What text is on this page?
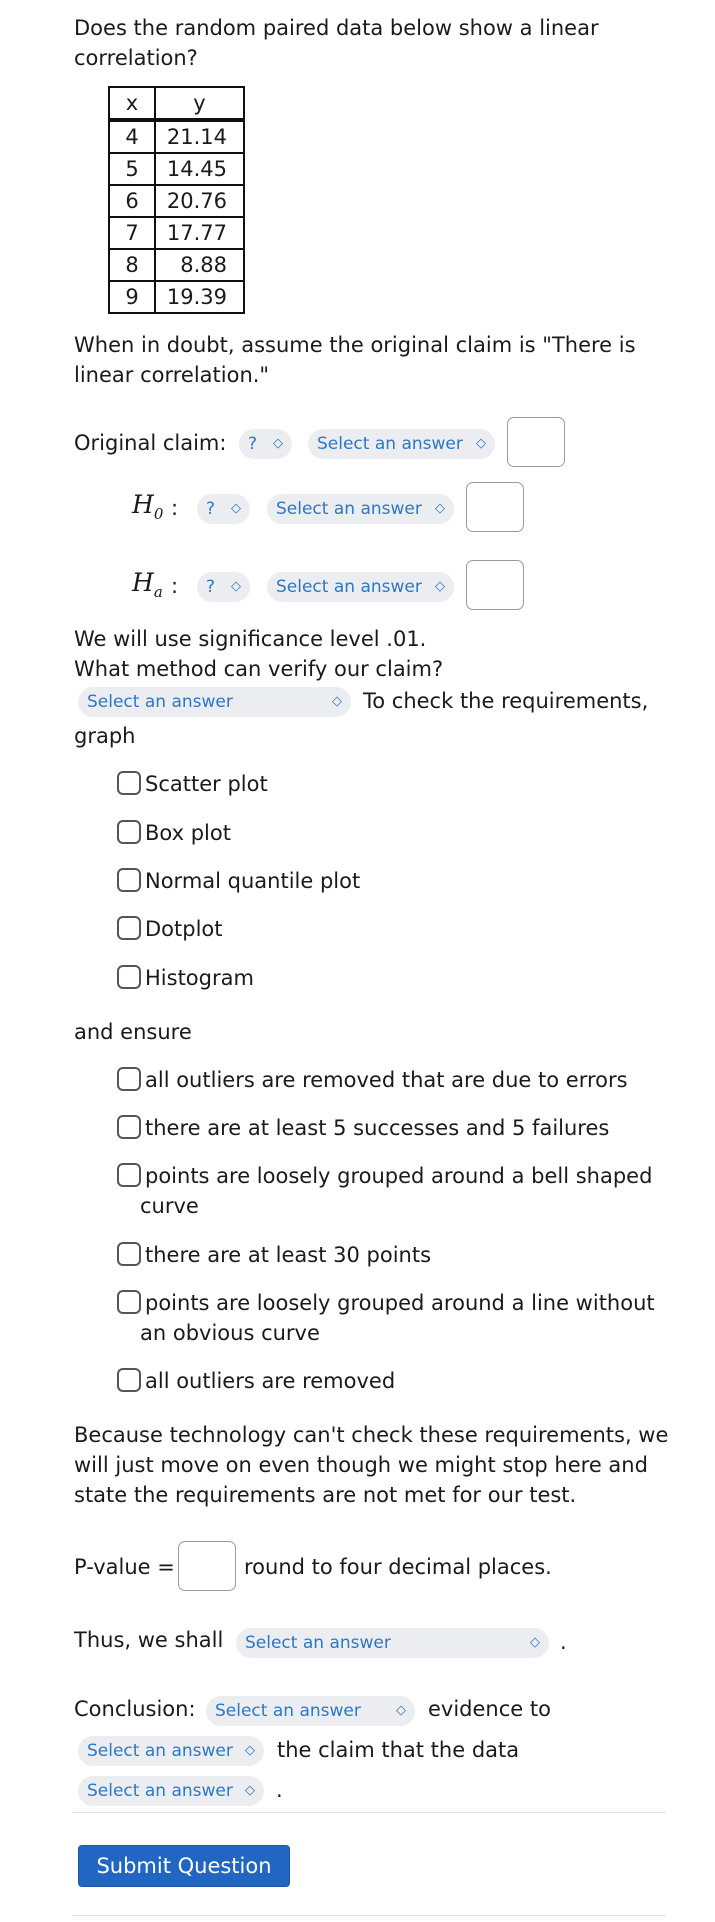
Does the random paired data below show a linear correlation?
x	y
4	21.14
5	14.45
6	20.76
7	17.77
8	8.88
9	19.39
When in doubt, assume the original claim is "There is linear correlation."
Original claim:	? ◇	Select an answer ◇
$H_0$ :	? ◇	Select an answer ◇
$H_a$ :	? ◇	Select an answer ◇
We will use significance level .01.
What method can verify our claim?
Select an answer	◇ To check the requirements,
graph
Scatter plot
Box plot
Normal quantile plot
Dotplot
Histogram
and ensure
all outliers are removed that are due to errors
there are at least 5 successes and 5 failures
points are loosely grouped around a bell shaped
curve
there are at least 30 points
points are loosely grouped around a line without
an obvious curve
all outliers are removed
Because technology can't check these requirements, we will just move on even though we might stop here and state the requirements are not met for our test.
P-value =	round to four decimal places.
Thus, we shall	Select an answer	◇ .
Conclusion:	Select an answer	◇ evidence to
Select an answer ◇ the claim that the data
Select an answer ◇ .
Submit Question
